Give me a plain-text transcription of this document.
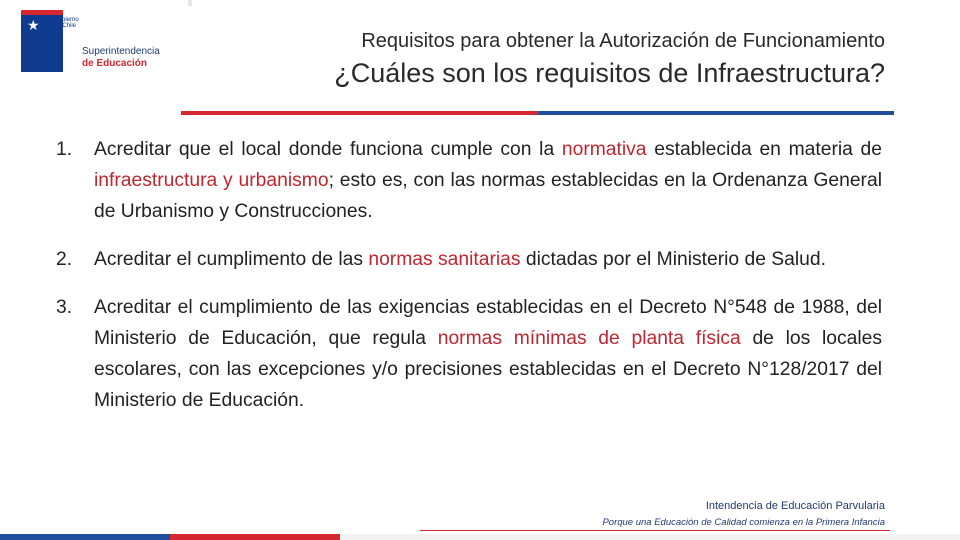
★ Gobierno de Chile
Superintendencia
de Educación
Requisitos para obtener la Autorización de Funcionamiento
¿Cuáles son los requisitos de Infraestructura?
1.	Acreditar que el local donde funciona cumple con la normativa establecida en materia de infraestructura y urbanismo; esto es, con las normas establecidas en la Ordenanza General de Urbanismo y Construcciones.
2.	Acreditar el cumplimento de las normas sanitarias dictadas por el Ministerio de Salud.
3.	Acreditar el cumplimiento de las exigencias establecidas en el Decreto N°548 de 1988, del Ministerio de Educación, que regula normas mínimas de planta física de los locales escolares, con las excepciones y/o precisiones establecidas en el Decreto N°128/2017 del Ministerio de Educación.
Intendencia de Educación Parvularia
Porque una Educación de Calidad comienza en la Primera Infancia
